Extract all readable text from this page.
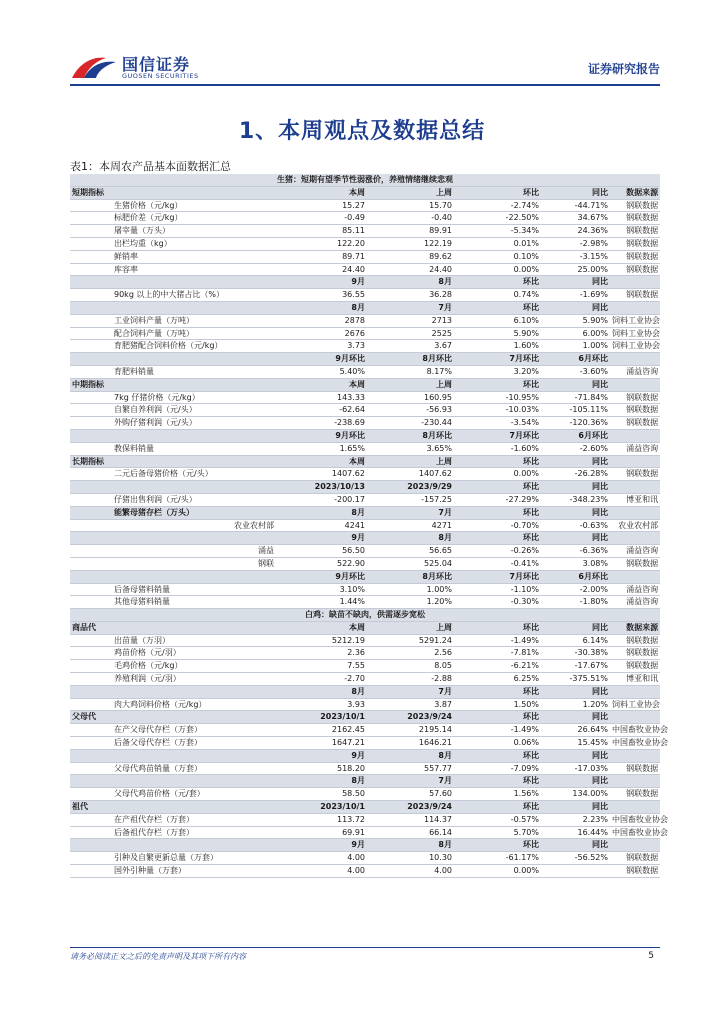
国信证券
GUOSEN SECURITIES	证券研究报告
1、本周观点及数据总结
表1：本周农产品基本面数据汇总
生猪：短期有望季节性弱涨价，养殖情绪继续悲观						
短期指标		本周	上周	环比	同比	数据来源
	生猪价格（元/kg）	15.27	15.70	-2.74%	-44.71%	钢联数据
	标肥价差（元/kg）	-0.49	-0.40	-22.50%	34.67%	钢联数据
	屠宰量（万头）	85.11	89.91	-5.34%	24.36%	钢联数据
	出栏均重（kg）	122.20	122.19	0.01%	-2.98%	钢联数据
	鲜销率	89.71	89.62	0.10%	-3.15%	钢联数据
	库容率	24.40	24.40	0.00%	25.00%	钢联数据
		9月	8月	环比	同比	
	90kg 以上的中大猪占比（%）	36.55	36.28	0.74%	-1.69%	钢联数据
		8月	7月	环比	同比	
	工业饲料产量（万吨）	2878	2713	6.10%	5.90%	饲料工业协会
	配合饲料产量（万吨）	2676	2525	5.90%	6.00%	饲料工业协会
	育肥猪配合饲料价格（元/kg）	3.73	3.67	1.60%	1.00%	饲料工业协会
		9月环比	8月环比	7月环比	6月环比	
	育肥料销量	5.40%	8.17%	3.20%	-3.60%	涌益咨询
中期指标		本周	上周	环比	同比	
	7kg 仔猪价格（元/kg）	143.33	160.95	-10.95%	-71.84%	钢联数据
	自繁自养利润（元/头）	-62.64	-56.93	-10.03%	-105.11%	钢联数据
	外购仔猪利润（元/头）	-238.69	-230.44	-3.54%	-120.36%	钢联数据
		9月环比	8月环比	7月环比	6月环比	
	教保料销量	1.65%	3.65%	-1.60%	-2.60%	涌益咨询
长期指标		本周	上周	环比	同比	
	二元后备母猪价格（元/头）	1407.62	1407.62	0.00%	-26.28%	钢联数据
		2023/10/13	2023/9/29	环比	同比	
	仔猪出售利润（元/头）	-200.17	-157.25	-27.29%	-348.23%	博亚和讯
	能繁母猪存栏（万头）	8月	7月	环比	同比	
	农业农村部	4241	4271	-0.70%	-0.63%	农业农村部
		9月	8月	环比	同比	
	涌益	56.50	56.65	-0.26%	-6.36%	涌益咨询
	钢联	522.90	525.04	-0.41%	3.08%	钢联数据
		9月环比	8月环比	7月环比	6月环比	
	后备母猪料销量	3.10%	1.00%	-1.10%	-2.00%	涌益咨询
	其他母猪料销量	1.44%	1.20%	-0.30%	-1.80%	涌益咨询
白鸡：缺苗不缺肉，供需逐步宽松						
商品代		本周	上周	环比	同比	数据来源
	出苗量（万羽）	5212.19	5291.24	-1.49%	6.14%	钢联数据
	鸡苗价格（元/羽）	2.36	2.56	-7.81%	-30.38%	钢联数据
	毛鸡价格（元/kg）	7.55	8.05	-6.21%	-17.67%	钢联数据
	养殖利润（元/羽）	-2.70	-2.88	6.25%	-375.51%	博亚和讯
		8月	7月	环比	同比	
	肉大鸡饲料价格（元/kg）	3.93	3.87	1.50%	1.20%	饲料工业协会
父母代		2023/10/1	2023/9/24	环比	同比	
	在产父母代存栏（万套）	2162.45	2195.14	-1.49%	26.64%	中国畜牧业协会
	后备父母代存栏（万套）	1647.21	1646.21	0.06%	15.45%	中国畜牧业协会
		9月	8月	环比	同比	
	父母代鸡苗销量（万套）	518.20	557.77	-7.09%	-17.03%	钢联数据
		8月	7月	环比	同比	
	父母代鸡苗价格（元/套）	58.50	57.60	1.56%	134.00%	钢联数据
祖代		2023/10/1	2023/9/24	环比	同比	
	在产祖代存栏（万套）	113.72	114.37	-0.57%	2.23%	中国畜牧业协会
	后备祖代存栏（万套）	69.91	66.14	5.70%	16.44%	中国畜牧业协会
		9月	8月	环比	同比	
	引种及自繁更新总量（万套）	4.00	10.30	-61.17%	-56.52%	钢联数据
	国外引种量（万套）	4.00	4.00	0.00%		钢联数据
请务必阅读正文之后的免责声明及其项下所有内容	5
